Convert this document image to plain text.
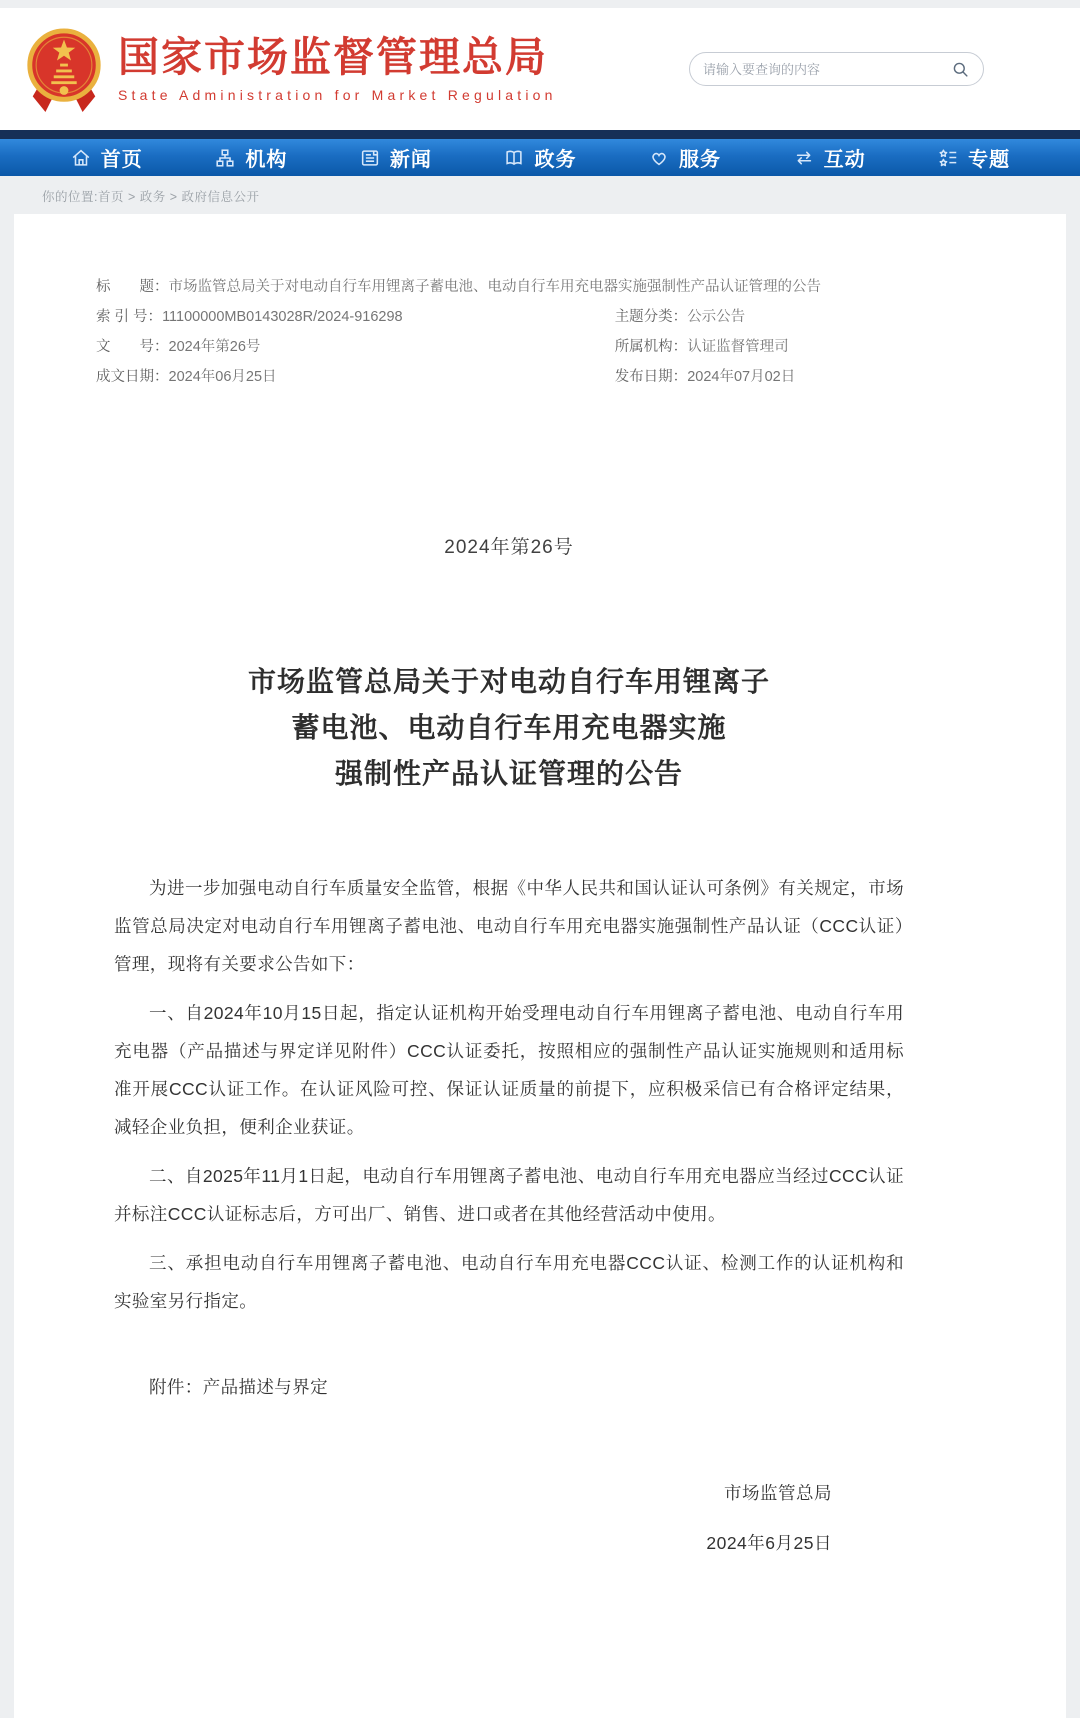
国家市场监督管理总局
State Administration for Market Regulation
请输入要查询的内容
首页	机构	新闻	政务	服务	互动	专题
你的位置:首页 > 政务 > 政府信息公开
标　　题： 市场监管总局关于对电动自行车用锂离子蓄电池、电动自行车用充电器实施强制性产品认证管理的公告
索 引 号： 11100000MB0143028R/2024-916298	主题分类： 公示公告
文　　号： 2024年第26号	所属机构： 认证监督管理司
成文日期： 2024年06月25日	发布日期： 2024年07月02日
2024年第26号
市场监管总局关于对电动自行车用锂离子
蓄电池、电动自行车用充电器实施
强制性产品认证管理的公告

为进一步加强电动自行车质量安全监管，根据《中华人民共和国认证认可条例》有关规定，市场监管总局决定对电动自行车用锂离子蓄电池、电动自行车用充电器实施强制性产品认证（CCC认证）管理，现将有关要求公告如下：

一、自2024年10月15日起，指定认证机构开始受理电动自行车用锂离子蓄电池、电动自行车用充电器（产品描述与界定详见附件）CCC认证委托，按照相应的强制性产品认证实施规则和适用标准开展CCC认证工作。在认证风险可控、保证认证质量的前提下，应积极采信已有合格评定结果，减轻企业负担，便利企业获证。

二、自2025年11月1日起，电动自行车用锂离子蓄电池、电动自行车用充电器应当经过CCC认证并标注CCC认证标志后，方可出厂、销售、进口或者在其他经营活动中使用。

三、承担电动自行车用锂离子蓄电池、电动自行车用充电器CCC认证、检测工作的认证机构和实验室另行指定。

附件：产品描述与界定
市场监管总局
2024年6月25日
